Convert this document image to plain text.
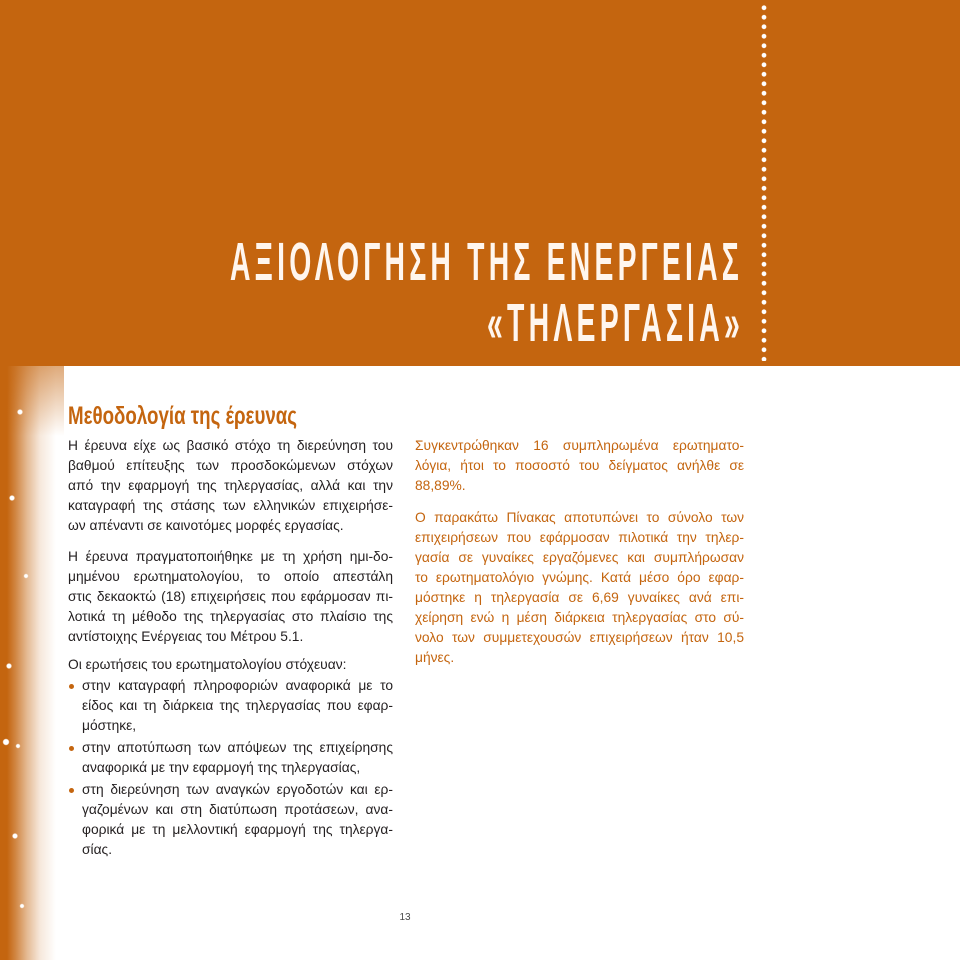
ΑΞΙΟΛΟΓΗΣΗ ΤΗΣ ΕΝΕΡΓΕΙΑΣ
«ΤΗΛΕΡΓΑΣΙΑ»
Μεθοδολογία της έρευνας
Η έρευνα είχε ως βασικό στόχο τη διερεύνηση του
βαθμού επίτευξης των προσδοκώμενων στόχων
από την εφαρμογή της τηλεργασίας, αλλά και την
καταγραφή της στάσης των ελληνικών επιχειρήσε-
ων απέναντι σε καινοτόμες μορφές εργασίας.
Η έρευνα πραγματοποιήθηκε με τη χρήση ημι-δο-
μημένου ερωτηματολογίου, το οποίο απεστάλη
στις δεκαοκτώ (18) επιχειρήσεις που εφάρμοσαν πι-
λοτικά τη μέθοδο της τηλεργασίας στο πλαίσιο της
αντίστοιχης Ενέργειας του Μέτρου 5.1.
Οι ερωτήσεις του ερωτηματολογίου στόχευαν:
στην καταγραφή πληροφοριών αναφορικά με το
είδος και τη διάρκεια της τηλεργασίας που εφαρ-
μόστηκε,
στην αποτύπωση των απόψεων της επιχείρησης
αναφορικά με την εφαρμογή της τηλεργασίας,
στη διερεύνηση των αναγκών εργοδοτών και ερ-
γαζομένων και στη διατύπωση προτάσεων, ανα-
φορικά με τη μελλοντική εφαρμογή της τηλεργα-
σίας.
Συγκεντρώθηκαν 16 συμπληρωμένα ερωτηματο-
λόγια, ήτοι το ποσοστό του δείγματος ανήλθε σε
88,89%.
Ο παρακάτω Πίνακας αποτυπώνει το σύνολο των
επιχειρήσεων που εφάρμοσαν πιλοτικά την τηλερ-
γασία σε γυναίκες εργαζόμενες και συμπλήρωσαν
το ερωτηματολόγιο γνώμης. Κατά μέσο όρο εφαρ-
μόστηκε η τηλεργασία σε 6,69 γυναίκες ανά επι-
χείρηση ενώ η μέση διάρκεια τηλεργασίας στο σύ-
νολο των συμμετεχουσών επιχειρήσεων ήταν 10,5
μήνες.
13
